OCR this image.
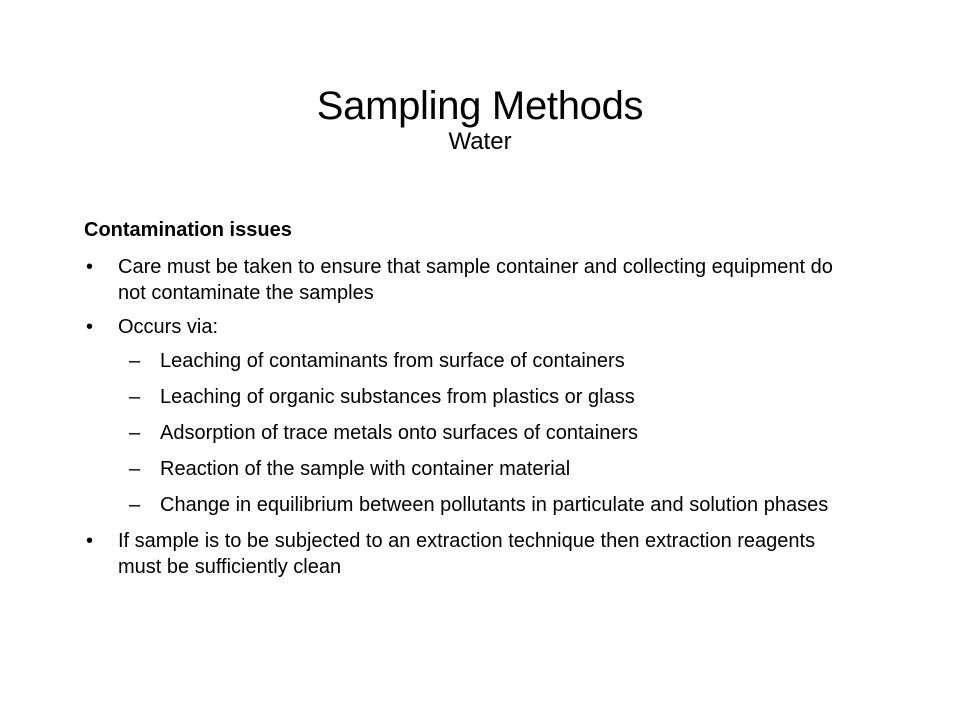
Sampling Methods
Water
Contamination issues
• Care must be taken to ensure that sample container and collecting equipment do not contaminate the samples
• Occurs via:
– Leaching of contaminants from surface of containers
– Leaching of organic substances from plastics or glass
– Adsorption of trace metals onto surfaces of containers
– Reaction of the sample with container material
– Change in equilibrium between pollutants in particulate and solution phases
• If sample is to be subjected to an extraction technique then extraction reagents must be sufficiently clean
